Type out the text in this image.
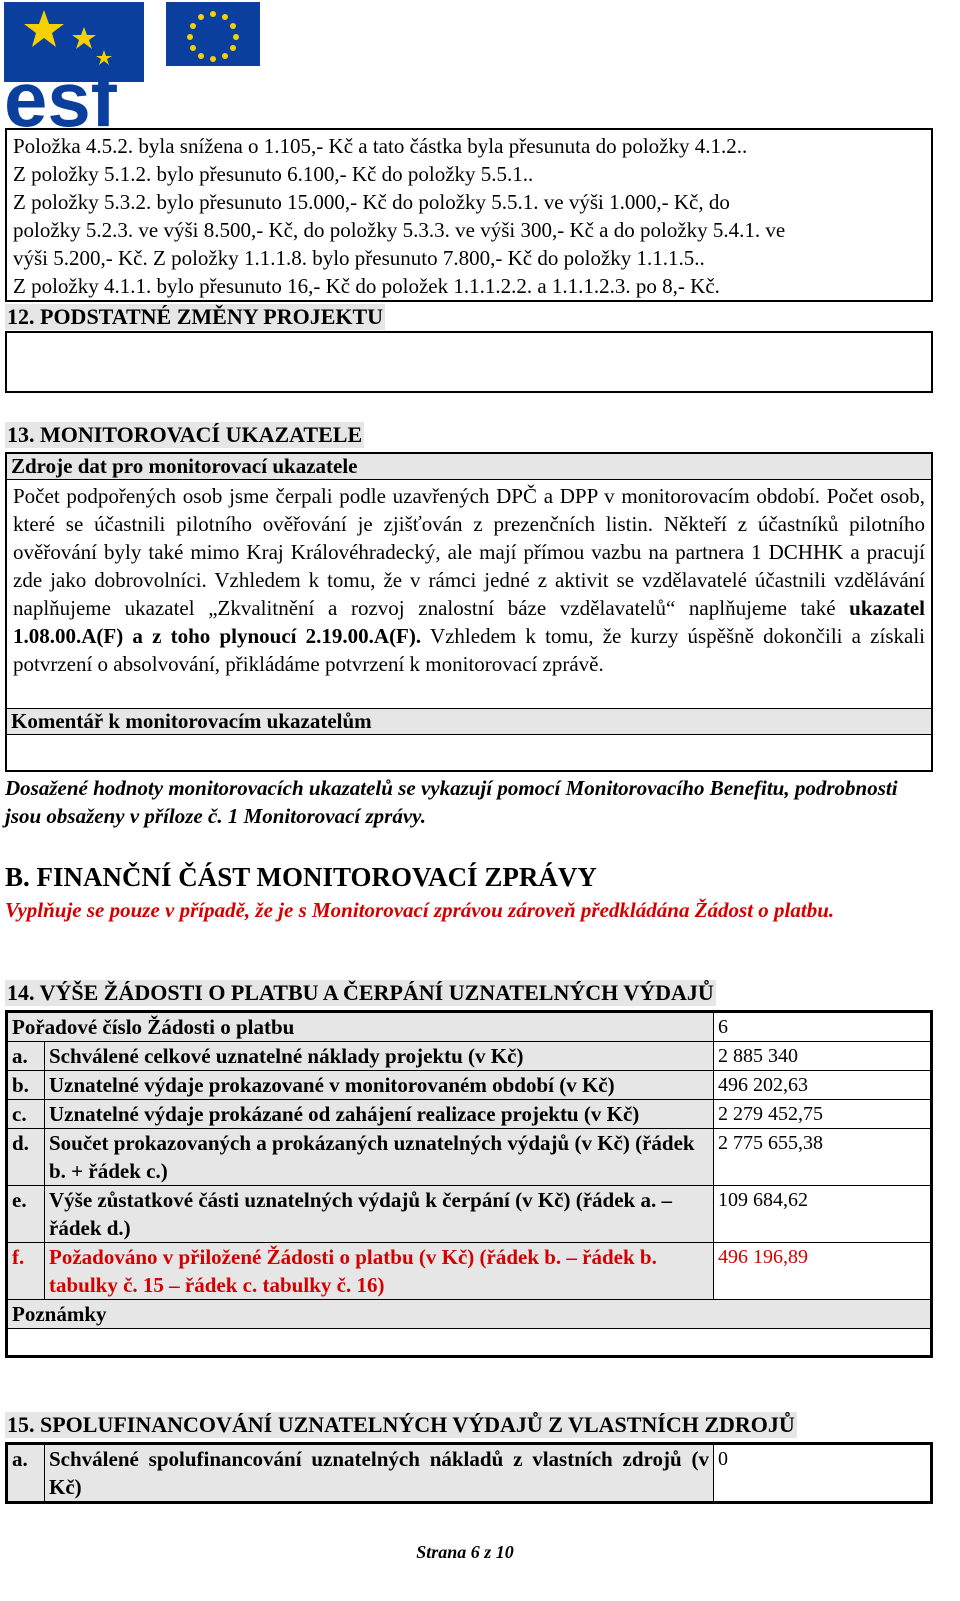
esf
Položka 4.5.2. byla snížena o 1.105,- Kč a tato částka byla přesunuta do položky 4.1.2..
Z položky 5.1.2. bylo přesunuto 6.100,- Kč do položky 5.5.1..
Z položky 5.3.2. bylo přesunuto 15.000,- Kč do položky 5.5.1. ve výši 1.000,- Kč, do
položky 5.2.3. ve výši 8.500,- Kč, do položky 5.3.3. ve výši 300,- Kč a do položky 5.4.1. ve
výši 5.200,- Kč. Z položky 1.1.1.8. bylo přesunuto 7.800,- Kč do položky 1.1.1.5..
Z položky 4.1.1. bylo přesunuto 16,- Kč do položek 1.1.1.2.2. a 1.1.1.2.3. po 8,- Kč.
12. PODSTATNÉ ZMĚNY PROJEKTU
13. MONITOROVACÍ UKAZATELE
Zdroje dat pro monitorovací ukazatele
Počet podpořených osob jsme čerpali podle uzavřených DPČ a DPP v monitorovacím období. Počet osob, které se účastnili pilotního ověřování je zjišťován z prezenčních listin. Někteří z účastníků pilotního ověřování byly také mimo Kraj Královéhradecký, ale mají přímou vazbu na partnera 1 DCHHK a pracují zde jako dobrovolníci. Vzhledem k tomu, že v rámci jedné z aktivit se vzdělavatelé účastnili vzdělávání naplňujeme ukazatel „Zkvalitnění a rozvoj znalostní báze vzdělavatelů“ naplňujeme také ukazatel 1.08.00.A(F) a z toho plynoucí 2.19.00.A(F). Vzhledem k tomu, že kurzy úspěšně dokončili a získali potvrzení o absolvování, přikládáme potvrzení k monitorovací zprávě.
Komentář k monitorovacím ukazatelům
Dosažené hodnoty monitorovacích ukazatelů se vykazují pomocí Monitorovacího Benefitu, podrobnosti jsou obsaženy v příloze č. 1 Monitorovací zprávy.
B. FINANČNÍ ČÁST MONITOROVACÍ ZPRÁVY
Vyplňuje se pouze v případě, že je s Monitorovací zprávou zároveň předkládána Žádost o platbu.
14. VÝŠE ŽÁDOSTI O PLATBU A ČERPÁNÍ UZNATELNÝCH VÝDAJŮ
Pořadové číslo Žádosti o platbu		6
a.	Schválené celkové uznatelné náklady projektu (v Kč)	2 885 340
b.	Uznatelné výdaje prokazované v monitorovaném období (v Kč)	496 202,63
c.	Uznatelné výdaje prokázané od zahájení realizace projektu (v Kč)	2 279 452,75
d.	Součet prokazovaných a prokázaných uznatelných výdajů (v Kč) (řádek b. + řádek c.)	2 775 655,38
e.	Výše zůstatkové části uznatelných výdajů k čerpání (v Kč) (řádek a. – řádek d.)	109 684,62
f.	Požadováno v přiložené Žádosti o platbu (v Kč) (řádek b. – řádek b. tabulky č. 15 – řádek c. tabulky č. 16)	496 196,89
Poznámky		

15. SPOLUFINANCOVÁNÍ UZNATELNÝCH VÝDAJŮ Z VLASTNÍCH ZDROJŮ
a.	Schválené spolufinancování uznatelných nákladů z vlastních zdrojů (v Kč)	0
Strana 6 z 10
